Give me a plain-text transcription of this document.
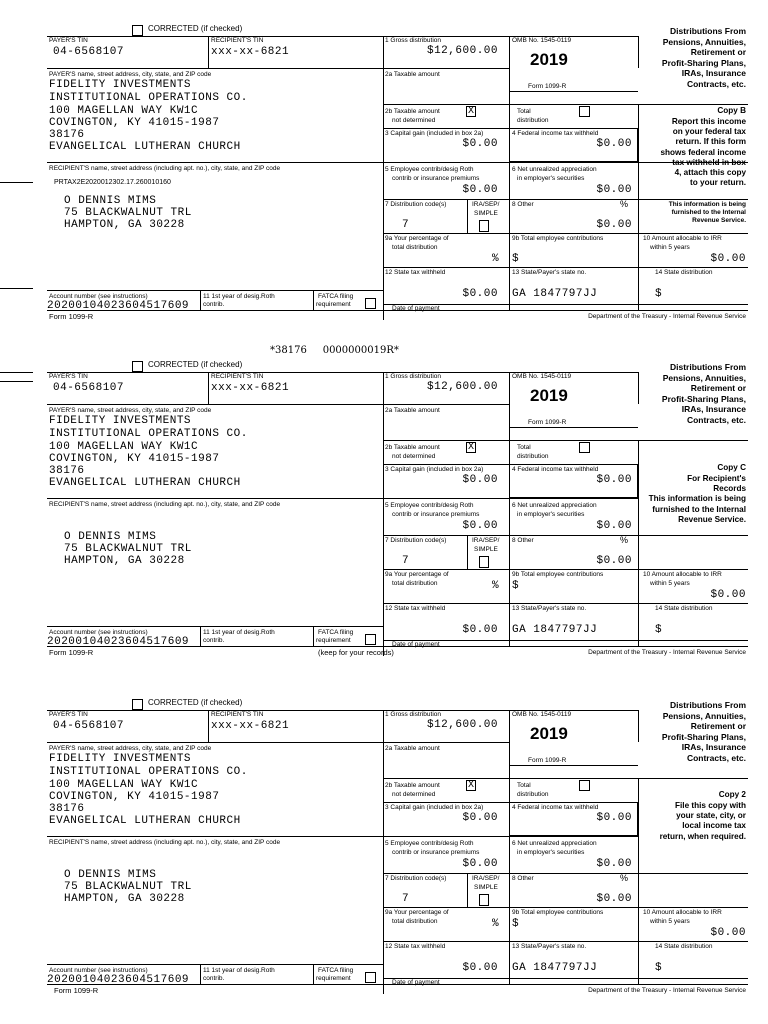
CORRECTED (if checked)
PAYER'S TIN
04-6568107
RECIPIENT'S TIN
xxx-xx-6821
1 Gross distribution
$12,600.00
OMB No. 1545-0119
2019
Form 1099-R
Distributions From
Pensions, Annuities,
Retirement or
Profit-Sharing Plans,
IRAs, Insurance
Contracts, etc.
PAYER'S name, street address, city, state, and ZIP code
FIDELITY INVESTMENTS
INSTITUTIONAL OPERATIONS CO.
100 MAGELLAN WAY KW1C
COVINGTON, KY 41015-1987
38176
EVANGELICAL LUTHERAN CHURCH
2a Taxable amount
2b Taxable amount
not determined
X	Total
distribution
3 Capital gain (included in box 2a)
$0.00
4 Federal income tax withheld
$0.00
Copy B
Report this income
on your federal tax
return. If this form
shows federal income
tax withheld in box
4, attach this copy
to your return.
RECIPIENT'S name, street address (including apt. no.), city, state, and ZIP code
PRTAX2E2020012302.17.260010160
O DENNIS MIMS
75 BLACKWALNUT TRL
HAMPTON, GA 30228
5 Employee contrib/desig Roth
contrib or insurance premiums
$0.00
6 Net unrealized appreciation
in employer's securities
$0.00
This information is being
furnished to the Internal
Revenue Service.
7 Distribution code(s)
7
IRA/SEP/
SIMPLE
8 Other	%
$0.00
9a Your percentage of
total distribution
%
9b Total employee contributions
$
10 Amount allocable to IRR
within 5 years
$0.00
12 State tax withheld
$0.00
13 State/Payer's state no.
GA 1847797JJ
14 State distribution
$
Account number (see instructions)
20200104023604517609
11 1st year of desig.Roth
contrib.
FATCA filing
requirement
Date of payment
Form 1099-R	Department of the Treasury - Internal Revenue Service
*38176     0000000019R*
CORRECTED (if checked)
PAYER'S TIN
04-6568107
RECIPIENT'S TIN
xxx-xx-6821
1 Gross distribution
$12,600.00
OMB No. 1545-0119
2019
Form 1099-R
Distributions From
Pensions, Annuities,
Retirement or
Profit-Sharing Plans,
IRAs, Insurance
Contracts, etc.
PAYER'S name, street address, city, state, and ZIP code
FIDELITY INVESTMENTS
INSTITUTIONAL OPERATIONS CO.
100 MAGELLAN WAY KW1C
COVINGTON, KY 41015-1987
38176
EVANGELICAL LUTHERAN CHURCH
2a Taxable amount
2b Taxable amount
not determined
X	Total
distribution
3 Capital gain (included in box 2a)
$0.00
4 Federal income tax withheld
$0.00
Copy C
For Recipient's
Records
This information is being
furnished to the Internal
Revenue Service.
RECIPIENT'S name, street address (including apt. no.), city, state, and ZIP code
O DENNIS MIMS
75 BLACKWALNUT TRL
HAMPTON, GA 30228
5 Employee contrib/desig Roth
contrib or insurance premiums
$0.00
6 Net unrealized appreciation
in employer's securities
$0.00
7 Distribution code(s)
7
IRA/SEP/
SIMPLE
8 Other	%
$0.00
9a Your percentage of
total distribution	%
9b Total employee contributions
$
10 Amount allocable to IRR
within 5 years
$0.00
12 State tax withheld
$0.00
13 State/Payer's state no.
GA 1847797JJ
14 State distribution
$
Account number (see instructions)
20200104023604517609
11 1st year of desig.Roth
contrib.
FATCA filing
requirement
Date of payment
Form 1099-R	(keep for your records)	Department of the Treasury - Internal Revenue Service
CORRECTED (if checked)
PAYER'S TIN
04-6568107
RECIPIENT'S TIN
xxx-xx-6821
1 Gross distribution
$12,600.00
OMB No. 1545-0119
2019
Form 1099-R
Distributions From
Pensions, Annuities,
Retirement or
Profit-Sharing Plans,
IRAs, Insurance
Contracts, etc.
PAYER'S name, street address, city, state, and ZIP code
FIDELITY INVESTMENTS
INSTITUTIONAL OPERATIONS CO.
100 MAGELLAN WAY KW1C
COVINGTON, KY 41015-1987
38176
EVANGELICAL LUTHERAN CHURCH
2a Taxable amount
2b Taxable amount
not determined
X	Total
distribution
3 Capital gain (included in box 2a)
$0.00
4 Federal income tax withheld
$0.00
Copy 2
File this copy with
your state, city, or
local income tax
return, when required.
RECIPIENT'S name, street address (including apt. no.), city, state, and ZIP code
O DENNIS MIMS
75 BLACKWALNUT TRL
HAMPTON, GA 30228
5 Employee contrib/desig Roth
contrib or insurance premiums
$0.00
6 Net unrealized appreciation
in employer's securities
$0.00
7 Distribution code(s)
7
IRA/SEP/
SIMPLE
8 Other	%
$0.00
9a Your percentage of
total distribution	%
9b Total employee contributions
$
10 Amount allocable to IRR
within 5 years
$0.00
12 State tax withheld
$0.00
13 State/Payer's state no.
GA 1847797JJ
14 State distribution
$
Account number (see instructions)
20200104023604517609
11 1st year of desig.Roth
contrib.
FATCA filing
requirement
Date of payment
Form 1099-R	Department of the Treasury - Internal Revenue Service
